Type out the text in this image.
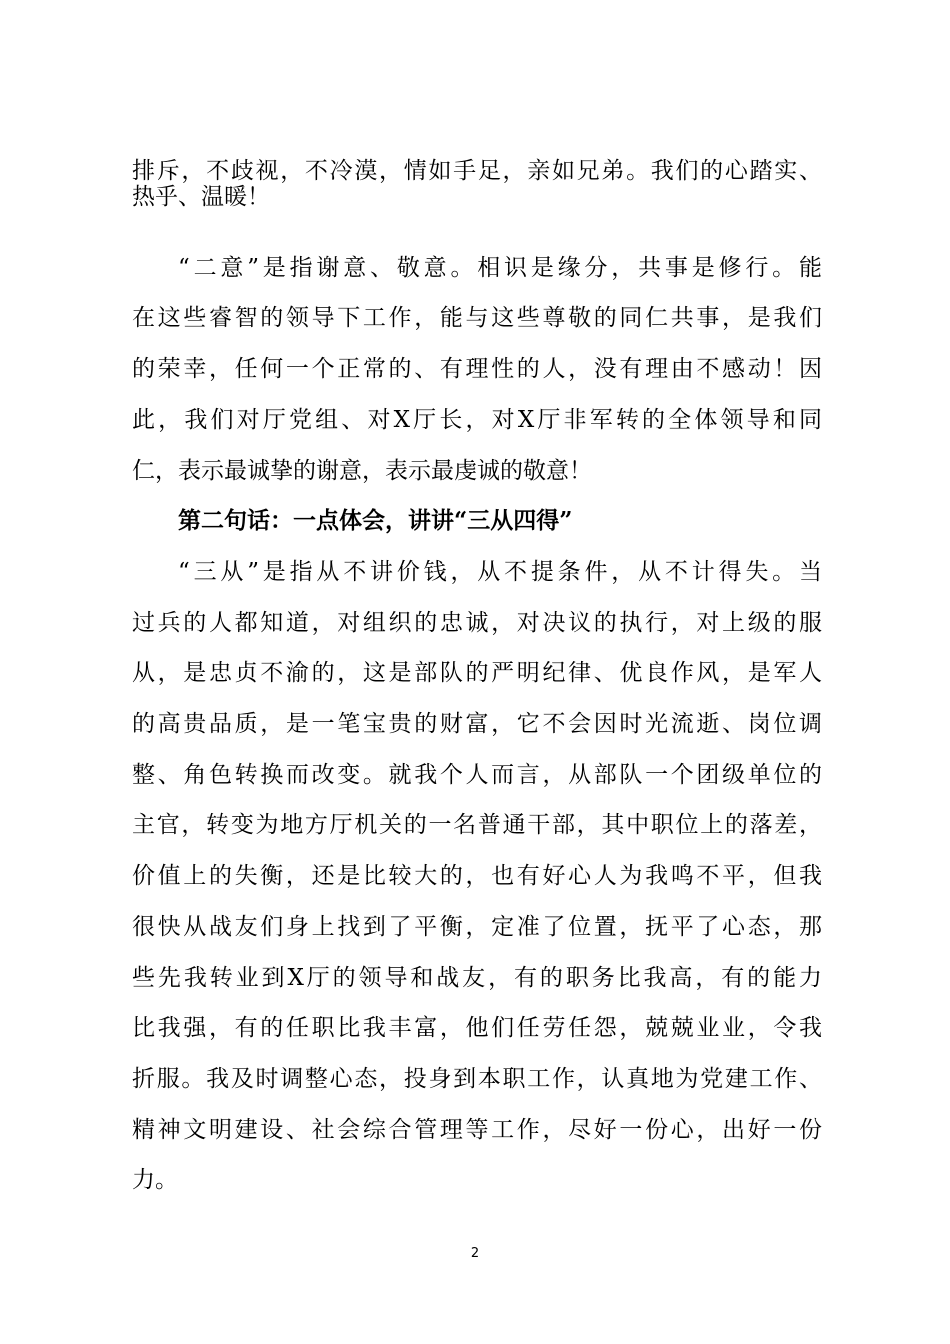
排斥，不歧视，不冷漠，情如手足，亲如兄弟。我们的心踏实、
热乎、温暖！
“二意”是指谢意、敬意。相识是缘分，共事是修行。能
在这些睿智的领导下工作，能与这些尊敬的同仁共事，是我们
的荣幸，任何一个正常的、有理性的人，没有理由不感动！因
此，我们对厅党组、对X厅长，对X厅非军转的全体领导和同
仁，表示最诚挚的谢意，表示最虔诚的敬意！
第二句话：一点体会，讲讲“三从四得”
“三从”是指从不讲价钱，从不提条件，从不计得失。当
过兵的人都知道，对组织的忠诚，对决议的执行，对上级的服
从，是忠贞不渝的，这是部队的严明纪律、优良作风，是军人
的高贵品质，是一笔宝贵的财富，它不会因时光流逝、岗位调
整、角色转换而改变。就我个人而言，从部队一个团级单位的
主官，转变为地方厅机关的一名普通干部，其中职位上的落差，
价值上的失衡，还是比较大的，也有好心人为我鸣不平，但我
很快从战友们身上找到了平衡，定准了位置，抚平了心态，那
些先我转业到X厅的领导和战友，有的职务比我高，有的能力
比我强，有的任职比我丰富，他们任劳任怨，兢兢业业，令我
折服。我及时调整心态，投身到本职工作，认真地为党建工作、
精神文明建设、社会综合管理等工作，尽好一份心，出好一份
力。
2
